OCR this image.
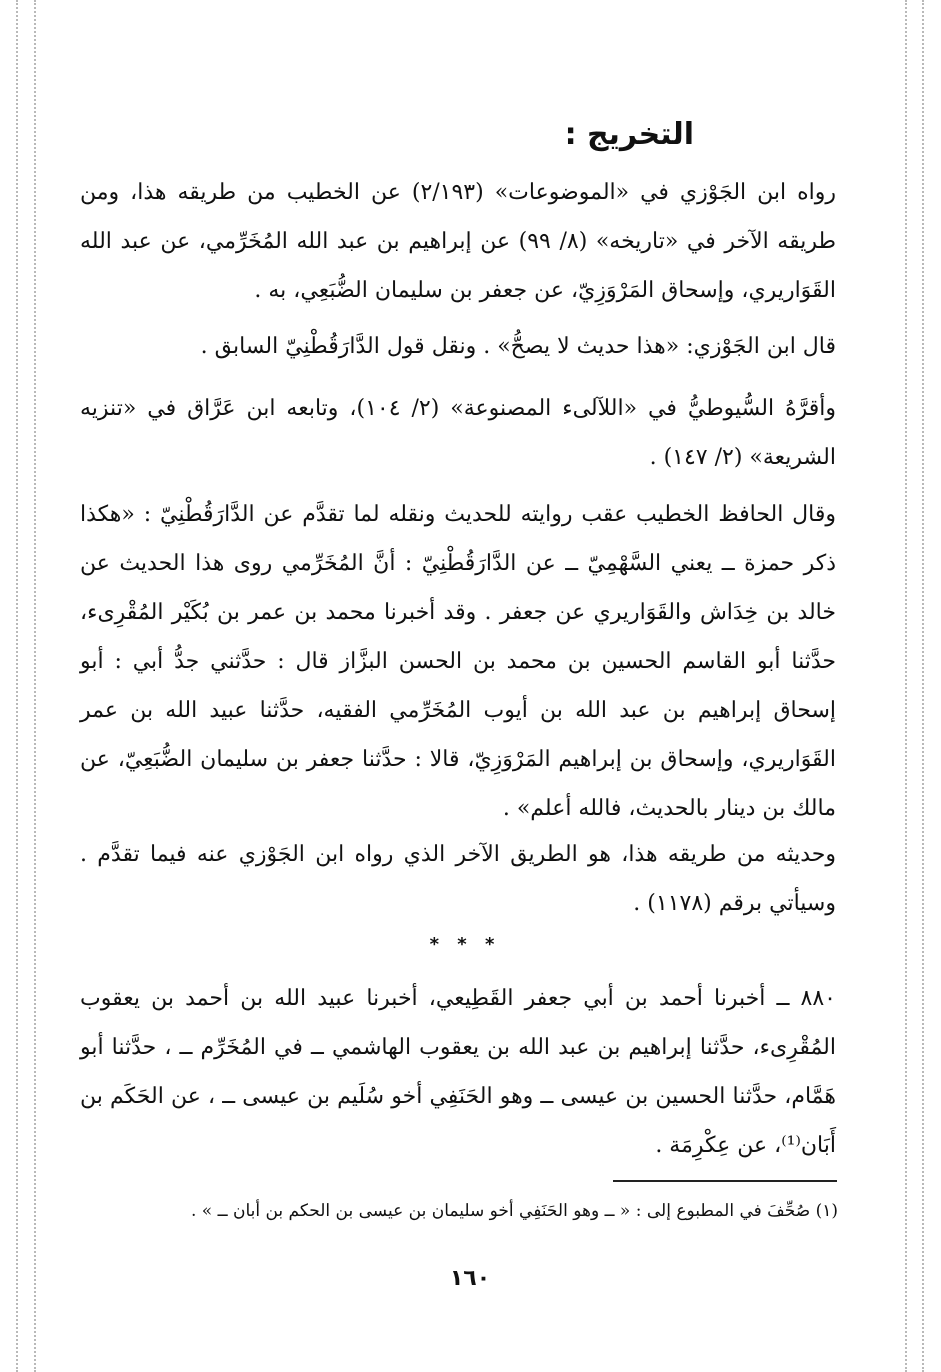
التخريج :

رواه ابن الجَوْزي في «الموضوعات» (٢/١٩٣) عن الخطيب من طريقه هذا، ومن طريقه الآخر في «تاريخه» (٨/ ٩٩) عن إبراهيم بن عبد الله المُخَرِّمي، عن عبد الله القَوَاريري، وإسحاق المَرْوَزِيّ، عن جعفر بن سليمان الضُّبَعِي، به .

قال ابن الجَوْزي: «هذا حديث لا يصحُّ» . ونقل قول الدَّارَقُطْنِيّ السابق .

وأقرَّهُ السُّيوطيُّ في «اللآلىء المصنوعة» (٢/ ١٠٤)، وتابعه ابن عَرَّاق في «تنزيه الشريعة» (٢/ ١٤٧) .

وقال الحافظ الخطيب عقب روايته للحديث ونقله لما تقدَّم عن الدَّارَقُطْنِيّ : «هكذا ذكر حمزة ــ يعني السَّهْمِيّ ــ عن الدَّارَقُطْنِيّ : أنَّ المُخَرِّمي روى هذا الحديث عن خالد بن خِدَاش والقَوَاريري عن جعفر . وقد أخبرنا محمد بن عمر بن بُكَيْر المُقْرِىء، حدَّثنا أبو القاسم الحسين بن محمد بن الحسن البزَّاز قال : حدَّثني جدُّ أبي : أبو إسحاق إبراهيم بن عبد الله بن أيوب المُخَرِّمي الفقيه، حدَّثنا عبيد الله بن عمر القَوَاريري، وإسحاق بن إبراهيم المَرْوَزِيّ، قالا : حدَّثنا جعفر بن سليمان الضُّبَعِيّ، عن مالك بن دينار بالحديث، فالله أعلم» .

وحديثه من طريقه هذا، هو الطريق الآخر الذي رواه ابن الجَوْزي عنه فيما تقدَّم . وسيأتي برقم (١١٧٨) .

* * *

٨٨٠ ــ أخبرنا أحمد بن أبي جعفر القَطِيعي، أخبرنا عبيد الله بن أحمد بن يعقوب المُقْرِىء، حدَّثنا إبراهيم بن عبد الله بن يعقوب الهاشمي ــ في المُخَرِّم ــ ، حدَّثنا أبو هَمَّام، حدَّثنا الحسين بن عيسى ــ وهو الحَنَفِي أخو سُلَيم بن عيسى ــ ، عن الحَكَم بن أَبَان⁽¹⁾، عن عِكْرِمَة .

(١) صُحِّفَ في المطبوع إلى : « ــ وهو الحَنَفِي أخو سليمان بن عيسى بن الحكم بن أبان ــ » .
١٦٠
